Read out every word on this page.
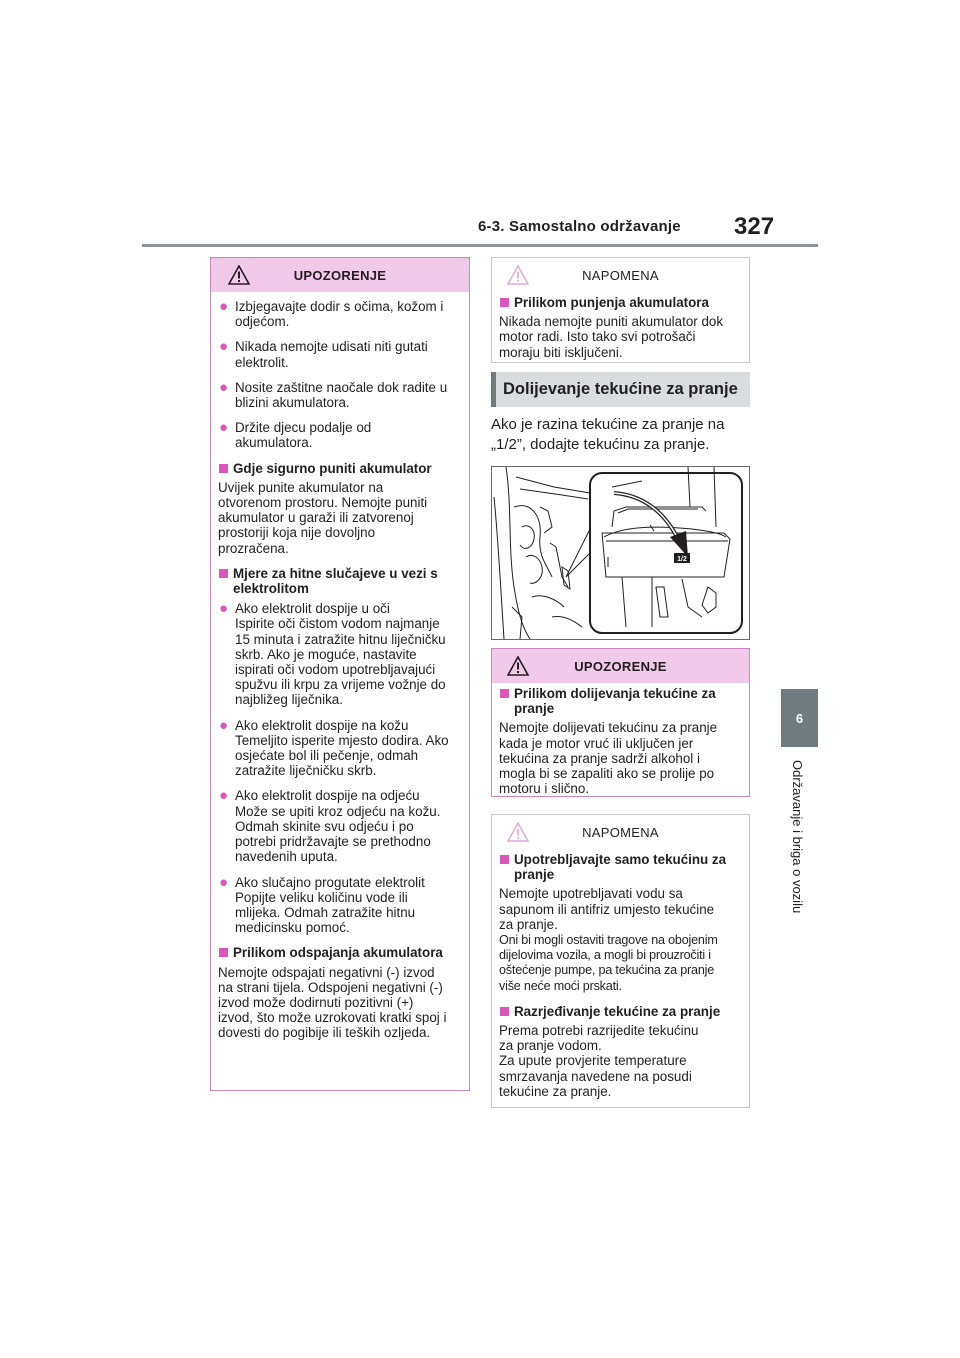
6-3. Samostalno održavanje 327
6
Održavanje i briga o vozilu
UPOZORENJE
● Izbjegavajte dodir s očima, kožom i
odjećom.
● Nikada nemojte udisati niti gutati
elektrolit.
● Nosite zaštitne naočale dok radite u
blizini akumulatora.
● Držite djecu podalje od
akumulatora.
Gdje sigurno puniti akumulator
Uvijek punite akumulator na
otvorenom prostoru. Nemojte puniti
akumulator u garaži ili zatvorenoj
prostoriji koja nije dovoljno
prozračena.
Mjere za hitne slučajeve u vezi s
elektrolitom
● Ako elektrolit dospije u oči
Ispirite oči čistom vodom najmanje
15 minuta i zatražite hitnu liječničku
skrb. Ako je moguće, nastavite
ispirati oči vodom upotrebljavajući
spužvu ili krpu za vrijeme vožnje do
najbližeg liječnika.
● Ako elektrolit dospije na kožu
Temeljito isperite mjesto dodira. Ako
osjećate bol ili pečenje, odmah
zatražite liječničku skrb.
● Ako elektrolit dospije na odjeću
Može se upiti kroz odjeću na kožu.
Odmah skinite svu odjeću i po
potrebi pridržavajte se prethodno
navedenih uputa.
● Ako slučajno progutate elektrolit
Popijte veliku količinu vode ili
mlijeka. Odmah zatražite hitnu
medicinsku pomoć.
Prilikom odspajanja akumulatora
Nemojte odspajati negativni (-) izvod
na strani tijela. Odspojeni negativni (-)
izvod može dodirnuti pozitivni (+)
izvod, što može uzrokovati kratki spoj i
dovesti do pogibije ili teških ozljeda.
NAPOMENA
Prilikom punjenja akumulatora
Nikada nemojte puniti akumulator dok
motor radi. Isto tako svi potrošači
moraju biti isključeni.
Dolijevanje tekućine za pranje
Ako je razina tekućine za pranje na
„1/2”, dodajte tekućinu za pranje.
1/2
UPOZORENJE
Prilikom dolijevanja tekućine za
pranje
Nemojte dolijevati tekućinu za pranje
kada je motor vruć ili uključen jer
tekućina za pranje sadrži alkohol i
mogla bi se zapaliti ako se prolije po
motoru i slično.
NAPOMENA
Upotrebljavajte samo tekućinu za
pranje
Nemojte upotrebljavati vodu sa
sapunom ili antifriz umjesto tekućine
za pranje.
Oni bi mogli ostaviti tragove na obojenim
dijelovima vozila, a mogli bi prouzročiti i
oštećenje pumpe, pa tekućina za pranje
više neće moći prskati.
Razrjeđivanje tekućine za pranje
Prema potrebi razrijedite tekućinu
za pranje vodom.
Za upute provjerite temperature
smrzavanja navedene na posudi
tekućine za pranje.
